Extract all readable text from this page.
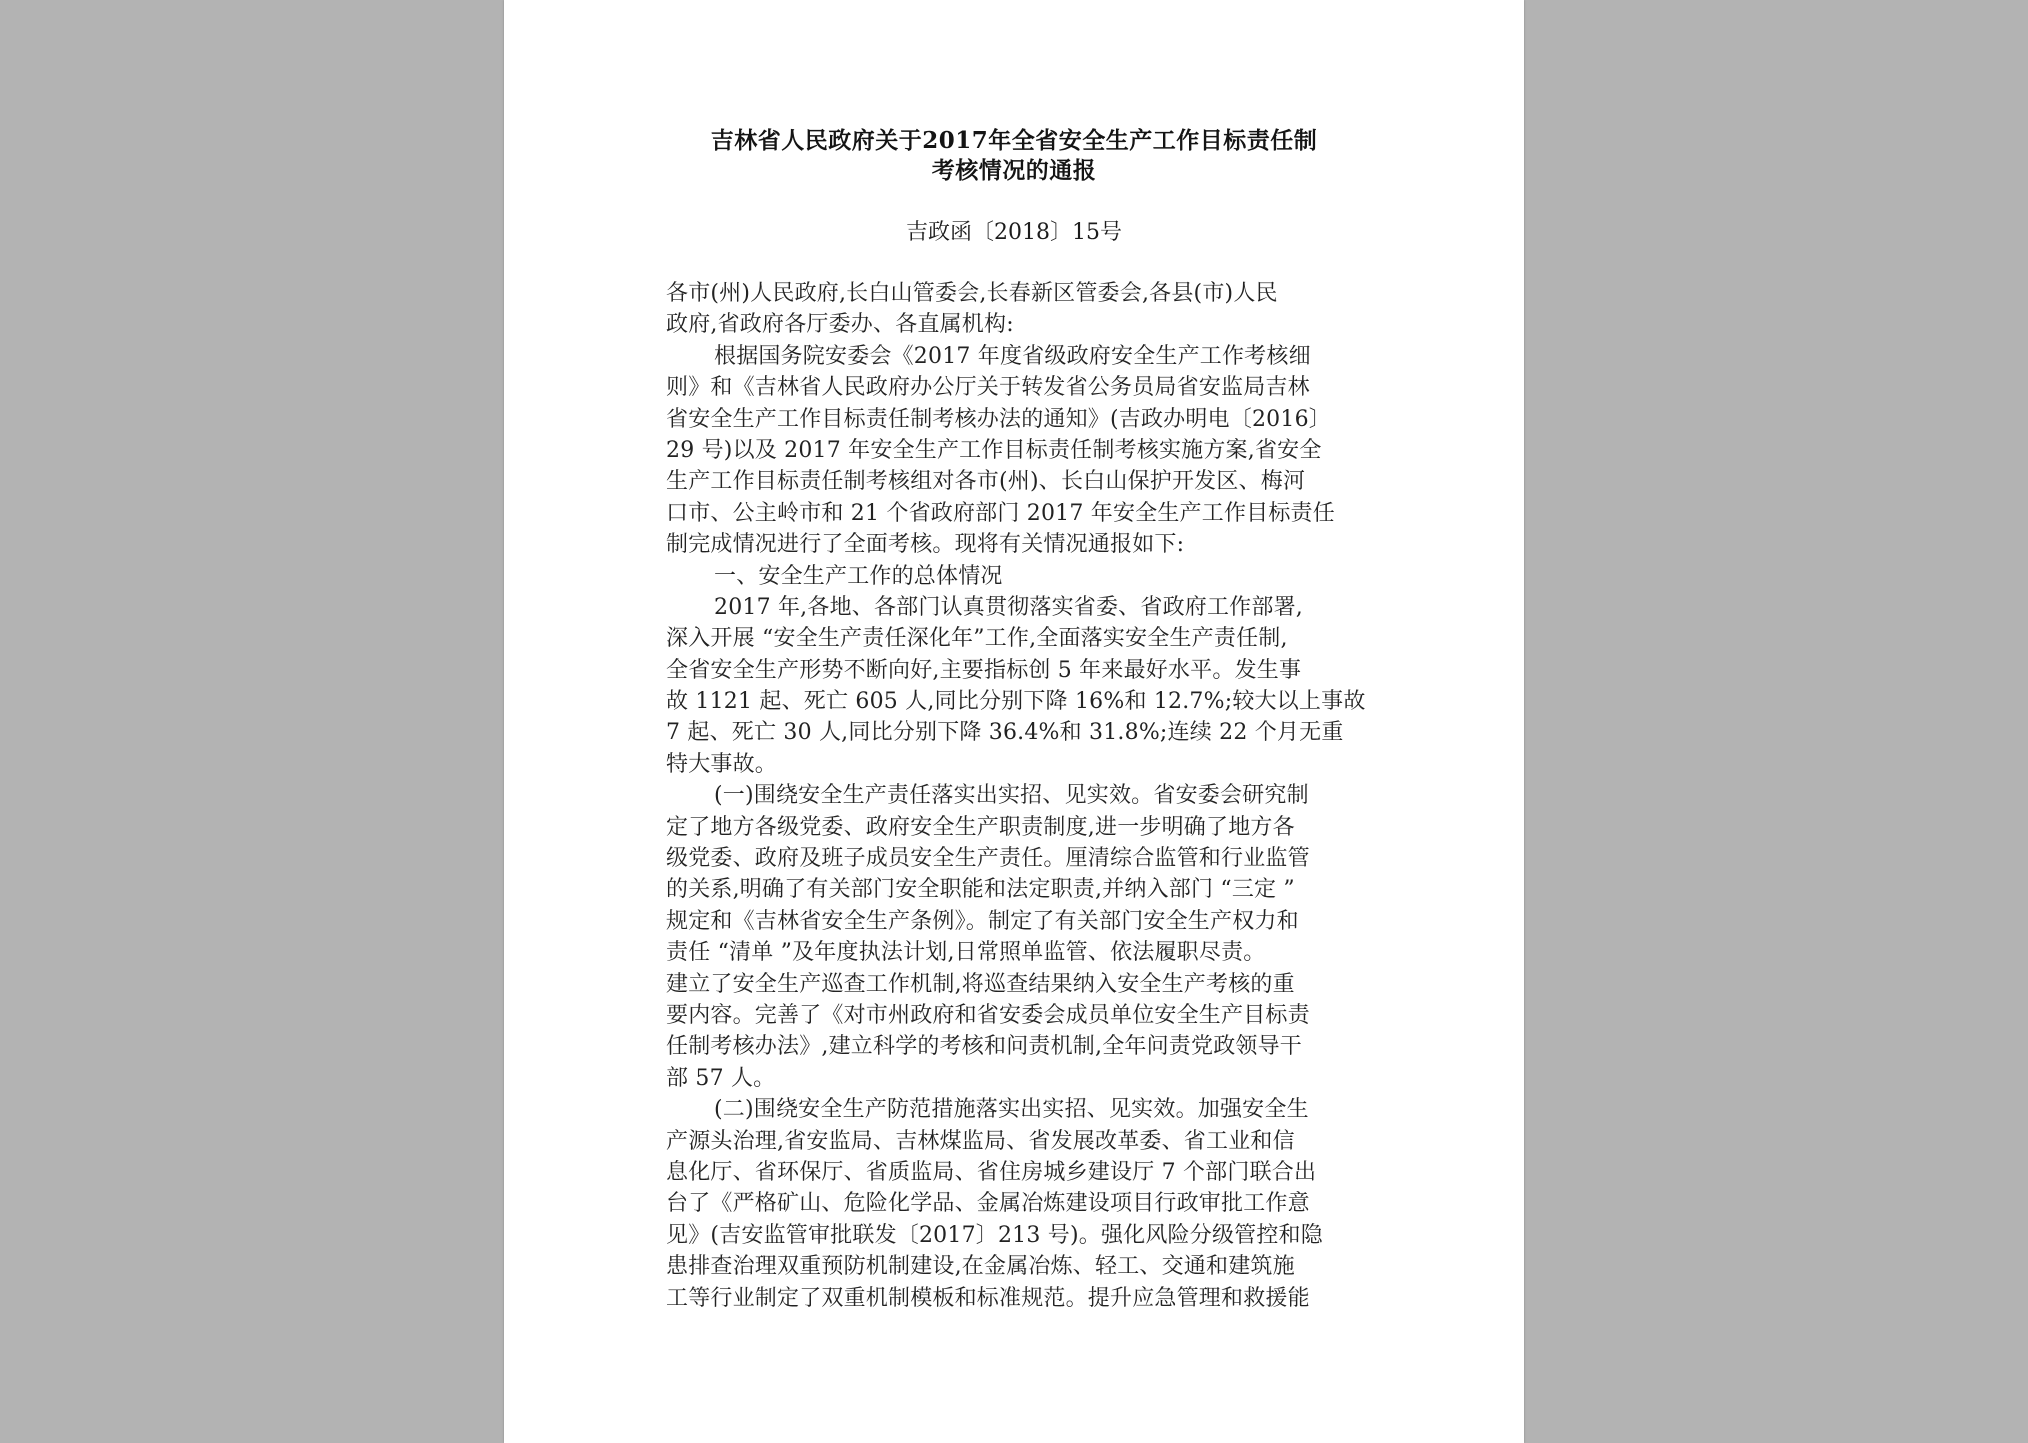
吉林省人民政府关于2017年全省安全生产工作目标责任制
考核情况的通报
吉政函〔2018〕15号
各市(州)人民政府,长白山管委会,长春新区管委会,各县(市)人民
政府,省政府各厅委办、各直属机构:
根据国务院安委会《2017 年度省级政府安全生产工作考核细
则》和《吉林省人民政府办公厅关于转发省公务员局省安监局吉林
省安全生产工作目标责任制考核办法的通知》(吉政办明电〔2016〕
29 号)以及 2017 年安全生产工作目标责任制考核实施方案,省安全
生产工作目标责任制考核组对各市(州)、长白山保护开发区、梅河
口市、公主岭市和 21 个省政府部门 2017 年安全生产工作目标责任
制完成情况进行了全面考核。现将有关情况通报如下:
一、安全生产工作的总体情况
2017 年,各地、各部门认真贯彻落实省委、省政府工作部署,
深入开展 “安全生产责任深化年”工作,全面落实安全生产责任制,
全省安全生产形势不断向好,主要指标创 5 年来最好水平。发生事
故 1121 起、死亡 605 人,同比分别下降 16%和 12.7%;较大以上事故
7 起、死亡 30 人,同比分别下降 36.4%和 31.8%;连续 22 个月无重
特大事故。
(一)围绕安全生产责任落实出实招、见实效。省安委会研究制
定了地方各级党委、政府安全生产职责制度,进一步明确了地方各
级党委、政府及班子成员安全生产责任。厘清综合监管和行业监管
的关系,明确了有关部门安全职能和法定职责,并纳入部门 “三定 ”
规定和《吉林省安全生产条例》。制定了有关部门安全生产权力和
责任 “清单 ”及年度执法计划,日常照单监管、依法履职尽责。
建立了安全生产巡查工作机制,将巡查结果纳入安全生产考核的重
要内容。完善了《对市州政府和省安委会成员单位安全生产目标责
任制考核办法》,建立科学的考核和问责机制,全年问责党政领导干
部 57 人。
(二)围绕安全生产防范措施落实出实招、见实效。加强安全生
产源头治理,省安监局、吉林煤监局、省发展改革委、省工业和信
息化厅、省环保厅、省质监局、省住房城乡建设厅 7 个部门联合出
台了《严格矿山、危险化学品、金属冶炼建设项目行政审批工作意
见》(吉安监管审批联发〔2017〕213 号)。强化风险分级管控和隐
患排查治理双重预防机制建设,在金属冶炼、轻工、交通和建筑施
工等行业制定了双重机制模板和标准规范。提升应急管理和救援能
